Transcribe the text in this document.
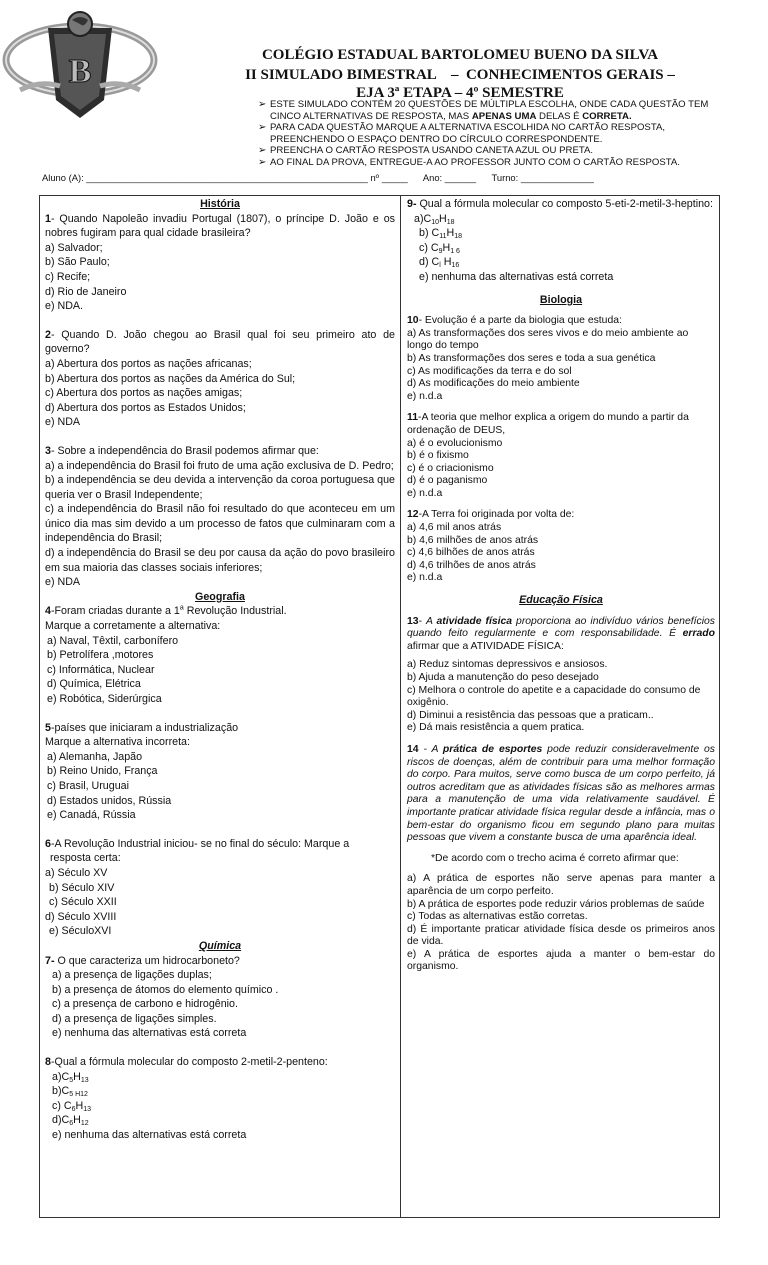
B	COLÉGIO ESTADUAL BARTOLOMEU BUENO DA SILVA
II SIMULADO BIMESTRAL    –  CONHECIMENTOS GERAIS –
EJA 3ª ETAPA – 4º SEMESTRE
➢ ESTE SIMULADO CONTÉM 20 QUESTÕES DE MÚLTIPLA ESCOLHA, ONDE CADA QUESTÃO TEM CINCO ALTERNATIVAS DE RESPOSTA, MAS APENAS UMA DELAS É CORRETA.
➢ PARA CADA QUESTÃO MARQUE A ALTERNATIVA ESCOLHIDA NO CARTÃO RESPOSTA, PREENCHENDO O ESPAÇO DENTRO DO CÍRCULO CORRESPONDENTE.
➢ PREENCHA O CARTÃO RESPOSTA USANDO CANETA AZUL OU PRETA.
➢ AO FINAL DA PROVA, ENTREGUE-A AO PROFESSOR JUNTO COM O CARTÃO RESPOSTA.
Aluno (A): ______________________________________________________ nº _____      Ano: ______      Turno: ______________

História

1- Quando Napoleão invadiu Portugal (1807), o príncipe D. João e os nobres fugiram para qual cidade brasileira?

a) Salvador;

b) São Paulo;

c) Recife;

d) Rio de Janeiro

e) NDA.

2- Quando D. João chegou ao Brasil qual foi seu primeiro ato de governo?

a) Abertura dos portos as nações africanas;

b) Abertura dos portos as nações da América do Sul;

c) Abertura dos portos as nações amigas;

d) Abertura dos portos as Estados Unidos;

e) NDA

3- Sobre a independência do Brasil podemos afirmar que:

a) a independência do Brasil foi fruto de uma ação exclusiva de D. Pedro;

b) a independência se deu devida a intervenção da coroa portuguesa que queria ver o Brasil Independente;

c) a independência do Brasil não foi resultado do que aconteceu em um único dia mas sim devido a um processo de fatos que culminaram com a independência do Brasil;

d) a independência do Brasil se deu por causa da ação do povo brasileiro em sua maioria das classes sociais inferiores;

e) NDA

Geografia

4-Foram criadas durante a 1$^a$ Revolução Industrial.

Marque a corretamente a alternativa:

a) Naval, Têxtil, carbonífero

b) Petrolífera ,motores

c) Informática, Nuclear

d) Química, Elétrica

e) Robótica, Siderúrgica

5-países que iniciaram a industrialização

Marque a alternativa incorreta:

a) Alemanha, Japão

b) Reino Unido, França

c) Brasil, Uruguai

d) Estados unidos, Rússia

e) Canadá, Rússia

6-A Revolução Industrial iniciou- se no final do século: Marque a

resposta certa:

a) Século XV

b) Século XIV

c) Século XXII

d) Século XVIII

e) SéculoXVI

Química

7- O que caracteriza um hidrocarboneto?

a) a presença de ligações duplas;

b) a presença de átomos do elemento químico .

c) a presença de carbono e hidrogênio.

d) a presença de ligações simples.

e) nenhuma das alternativas está correta

8-Qual a fórmula molecular do composto 2-metil-2-penteno:

$a)C_5H_{13}$

$b)C_{5 H12}$

c) $C_6H_{13}$

$d)C_6H_{12}$

e) nenhuma das alternativas está correta

9- Qual a fórmula molecular co composto 5-eti-2-metil-3-heptino:

$a)C_{10}H_{18}$

b) $C_{11}H_{18}$

c) $C_9H_{1 6}$

d) $C_l$ $H_{16}$

e) nenhuma das alternativas está correta

Biologia

10- Evolução é a parte da biologia que estuda:

a) As transformações dos seres vivos e do meio ambiente ao longo do tempo

b) As transformações dos seres e toda a sua genética

c) As modificações da terra e do sol

d) As modificações do meio ambiente

e) n.d.a

11-A teoria que melhor explica a origem do mundo a partir da ordenação de DEUS,

a) é o evolucionismo

b) é o fixismo

c) é o criacionismo

d) é o paganismo

e) n.d.a

12-A Terra foi originada por volta de:

a) 4,6 mil anos atrás

b) 4,6 milhões de anos atrás

c) 4,6 bilhões de anos atrás

d) 4,6 trilhões de anos atrás

e) n.d.a

Educação Física

13- A atividade física proporciona ao indivíduo vários benefícios quando feito regularmente e com responsabilidade. É errado afirmar que a ATIVIDADE FÍSICA:

a) Reduz sintomas depressivos e ansiosos.

b) Ajuda a manutenção do peso desejado

c) Melhora o controle do apetite e a capacidade do consumo de oxigênio.

d) Diminui a resistência das pessoas que a praticam..

e) Dá mais resistência a quem pratica.

14 - A prática de esportes pode reduzir consideravelmente os riscos de doenças, além de contribuir para uma melhor formação do corpo. Para muitos, serve como busca de um corpo perfeito, já outros acreditam que as atividades físicas são as melhores armas para a manutenção de uma vida relativamente saudável. É importante praticar atividade física regular desde a infância, mas o bem-estar do organismo ficou em segundo plano para muitas pessoas que vivem a constante busca de uma aparência ideal.

*De acordo com o trecho acima é correto afirmar que:

a) A prática de esportes não serve apenas para manter a aparência de um corpo perfeito.

b) A prática de esportes pode reduzir vários problemas de saúde

c) Todas as alternativas estão corretas.

d) É importante praticar atividade física desde os primeiros anos de vida.

e) A prática de esportes ajuda a manter o bem-estar do organismo.
